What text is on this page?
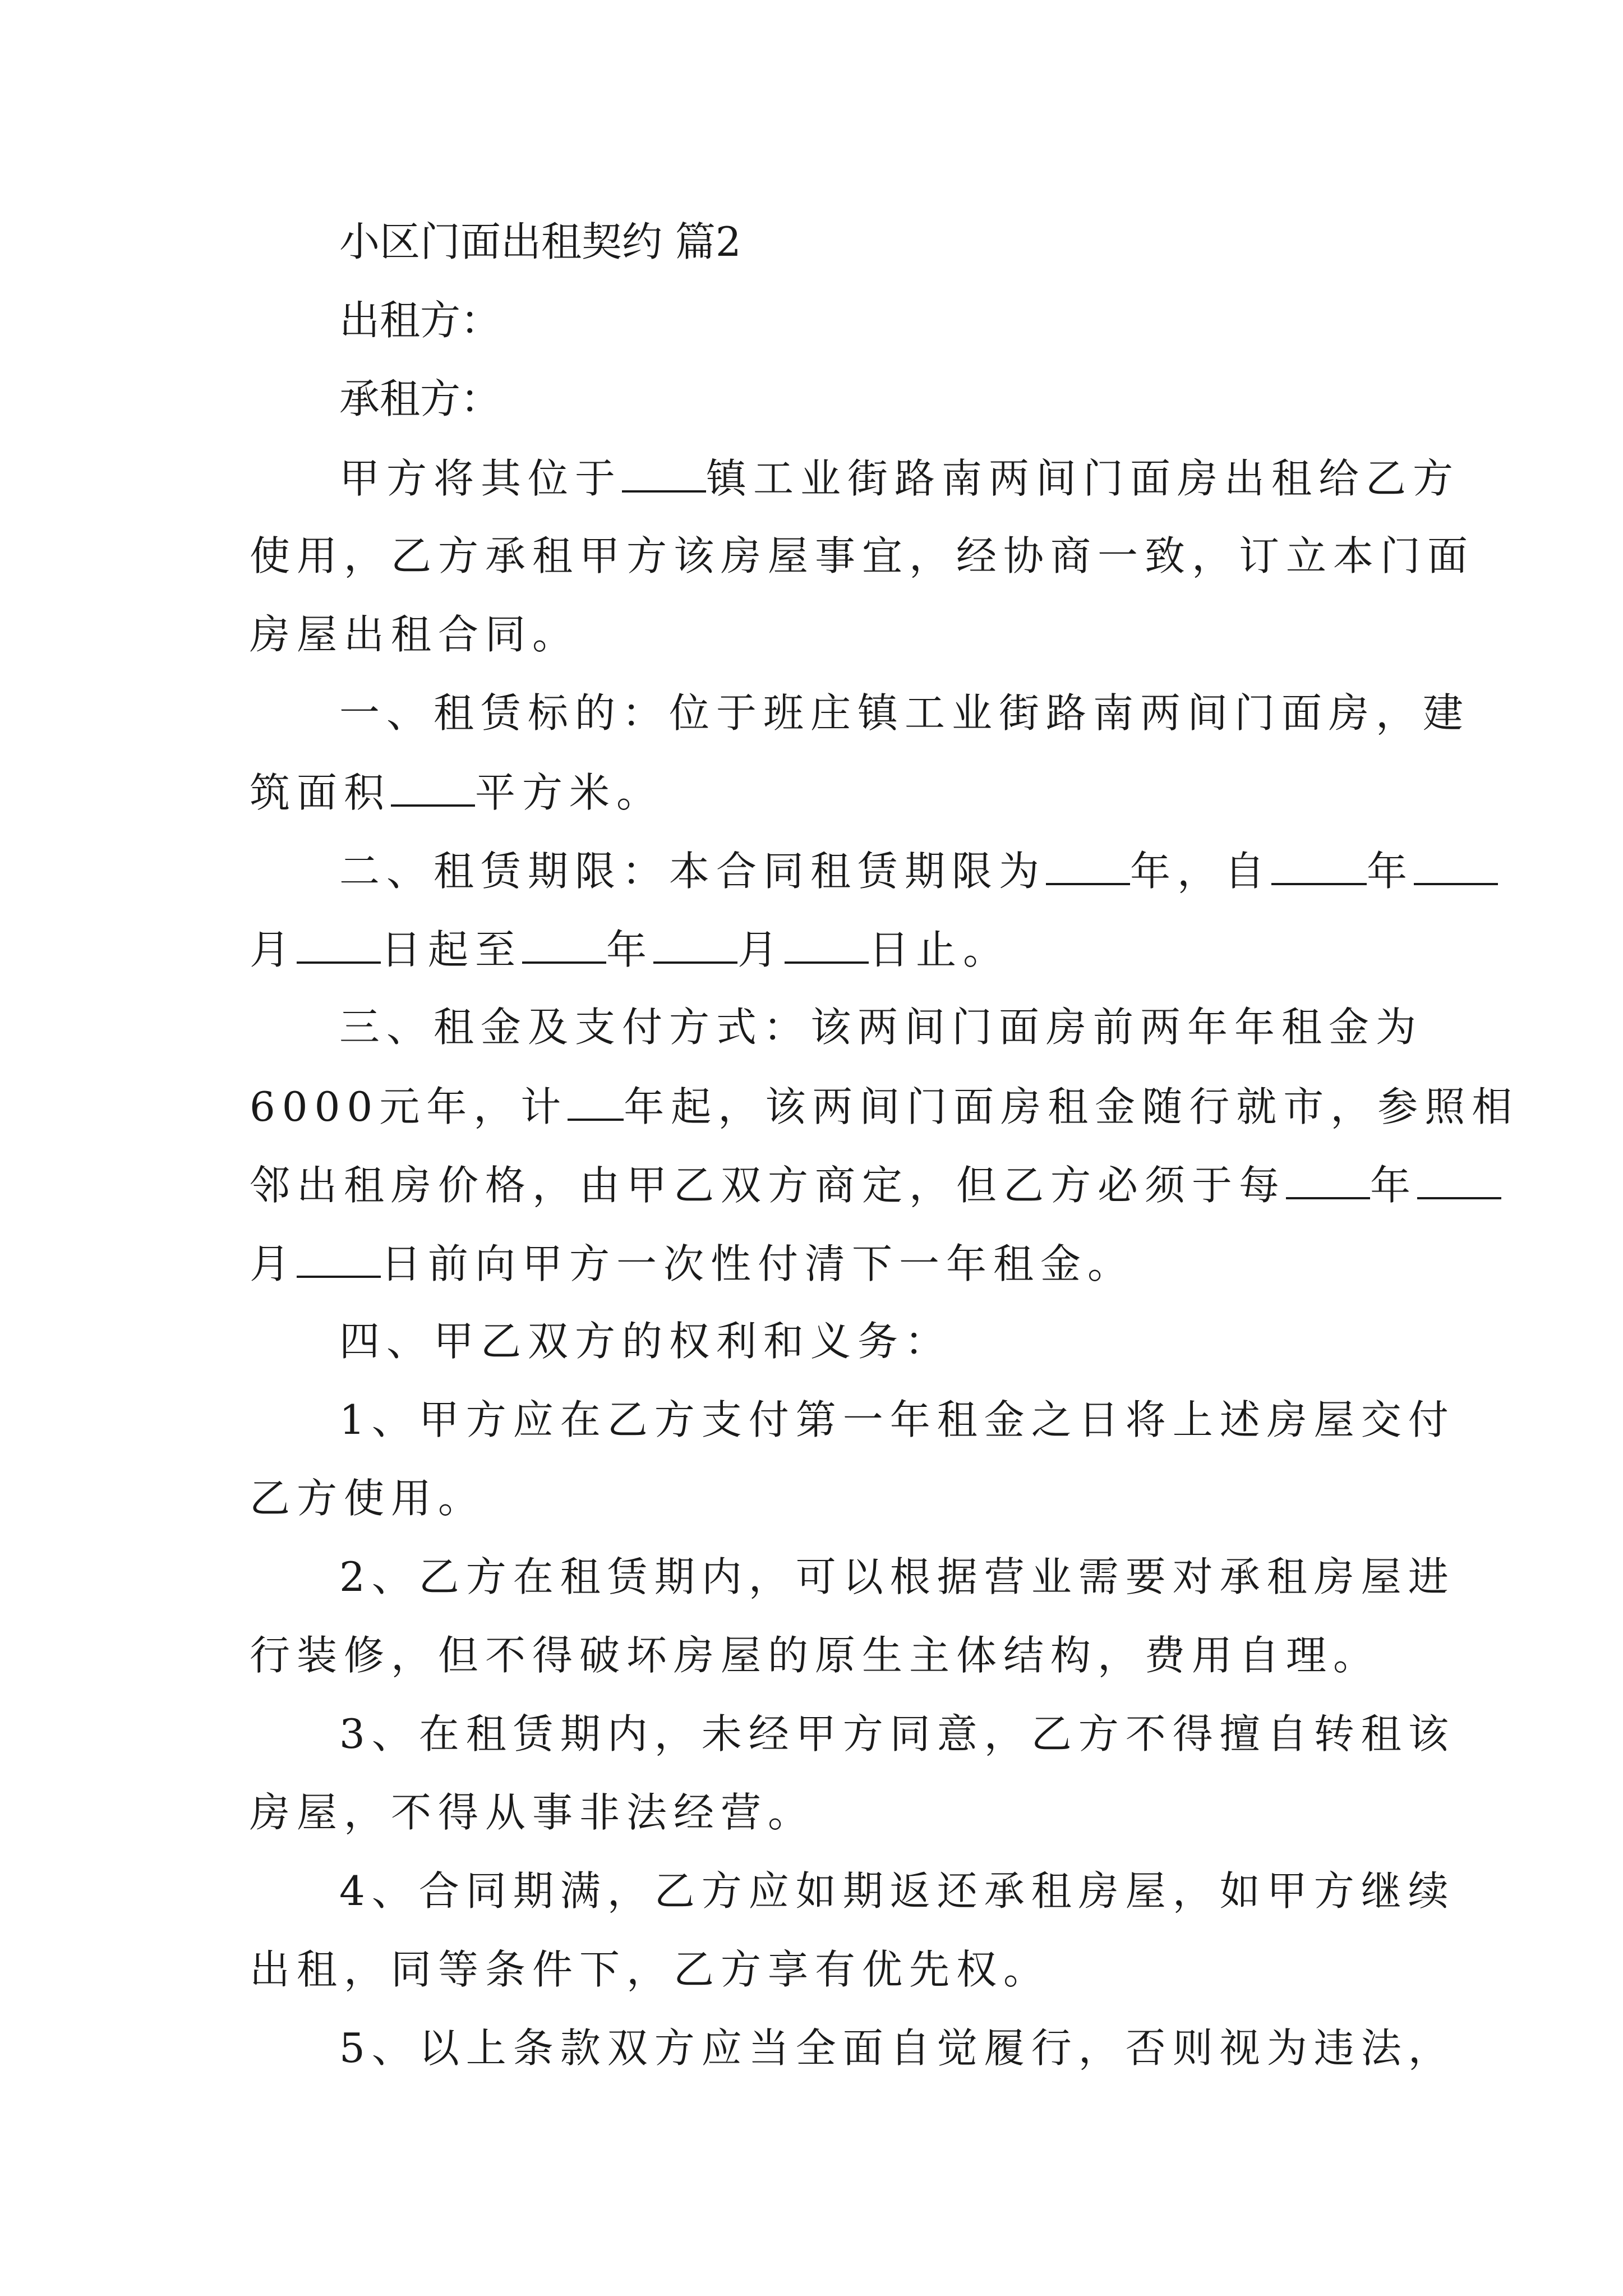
小区门面出租契约 篇2
出租方：
承租方：
甲方将其位于 镇工业街路南两间门面房出租给乙方
使用，乙方承租甲方该房屋事宜，经协商一致，订立本门面
房屋出租合同。
一、租赁标的：位于班庄镇工业街路南两间门面房，建
筑面积 平方米。
二、租赁期限：本合同租赁期限为 年，自 年
月 日起至 年 月 日止。
三、租金及支付方式：该两间门面房前两年年租金为
6000元年，计 年起，该两间门面房租金随行就市，参照相
邻出租房价格，由甲乙双方商定，但乙方必须于每 年
月 日前向甲方一次性付清下一年租金。
四、甲乙双方的权利和义务：
1、甲方应在乙方支付第一年租金之日将上述房屋交付
乙方使用。
2、乙方在租赁期内，可以根据营业需要对承租房屋进
行装修，但不得破坏房屋的原生主体结构，费用自理。
3、在租赁期内，未经甲方同意，乙方不得擅自转租该
房屋，不得从事非法经营。
4、合同期满，乙方应如期返还承租房屋，如甲方继续
出租，同等条件下，乙方享有优先权。
5、以上条款双方应当全面自觉履行，否则视为违法，
